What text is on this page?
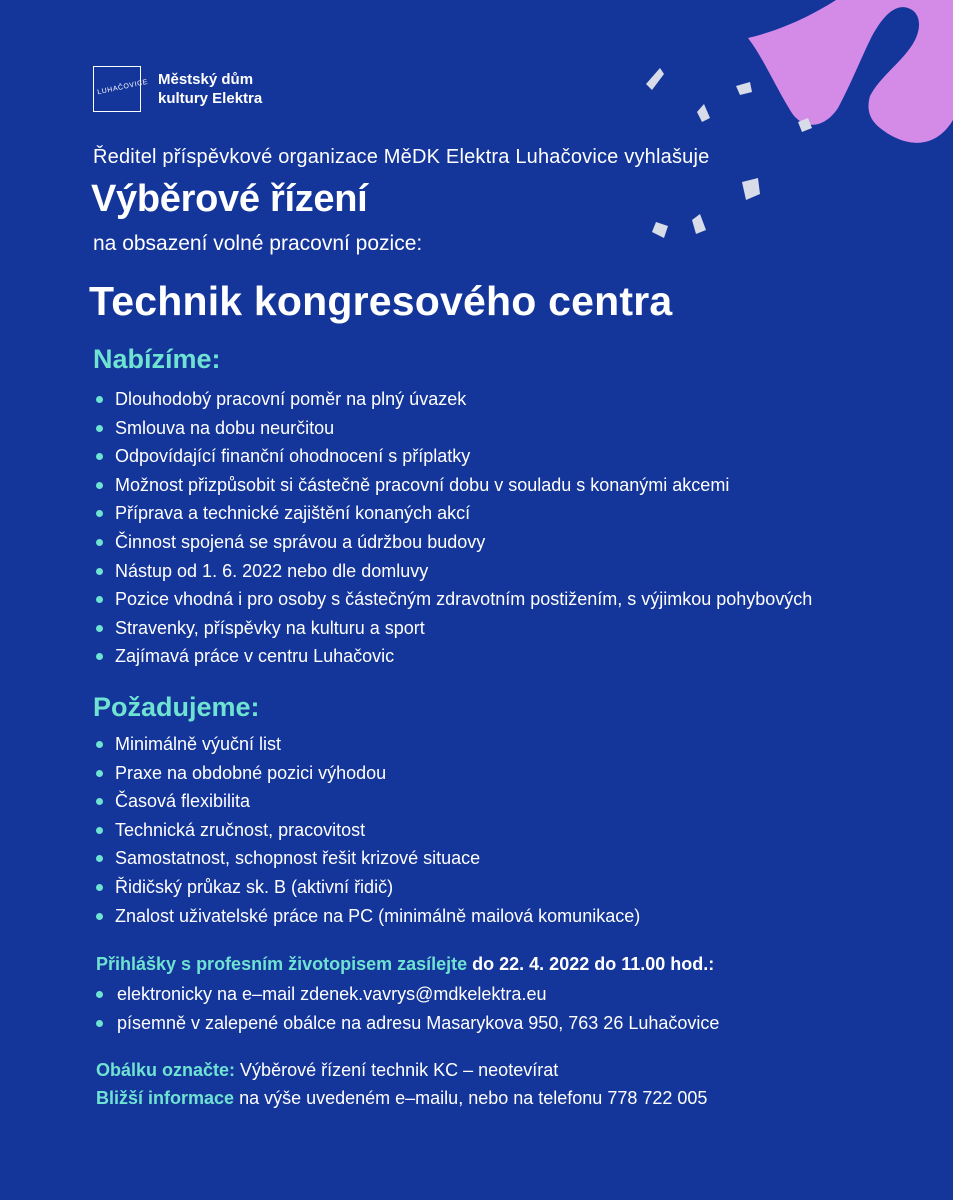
LUHAČOVICE Městský dům
kultury Elektra
Ředitel příspěvkové organizace MěDK Elektra Luhačovice vyhlašuje
Výběrové řízení
na obsazení volné pracovní pozice:
Technik kongresového centra
Nabízíme:
Dlouhodobý pracovní poměr na plný úvazek
Smlouva na dobu neurčitou
Odpovídající finanční ohodnocení s příplatky
Možnost přizpůsobit si částečně pracovní dobu v souladu s konanými akcemi
Příprava a technické zajištění konaných akcí
Činnost spojená se správou a údržbou budovy
Nástup od 1. 6. 2022 nebo dle domluvy
Pozice vhodná i pro osoby s částečným zdravotním postižením, s výjimkou pohybových
Stravenky, příspěvky na kulturu a sport
Zajímavá práce v centru Luhačovic
Požadujeme:
Minimálně výuční list
Praxe na obdobné pozici výhodou
Časová flexibilita
Technická zručnost, pracovitost
Samostatnost, schopnost řešit krizové situace
Řidičský průkaz sk. B (aktivní řidič)
Znalost uživatelské práce na PC (minimálně mailová komunikace)
Přihlášky s profesním životopisem zasílejte do 22. 4. 2022 do 11.00 hod.:
elektronicky na e–mail zdenek.vavrys@mdkelektra.eu
písemně v zalepené obálce na adresu Masarykova 950, 763 26 Luhačovice
Obálku označte: Výběrové řízení technik KC – neotevírat
Bližší informace na výše uvedeném e–mailu, nebo na telefonu 778 722 005
